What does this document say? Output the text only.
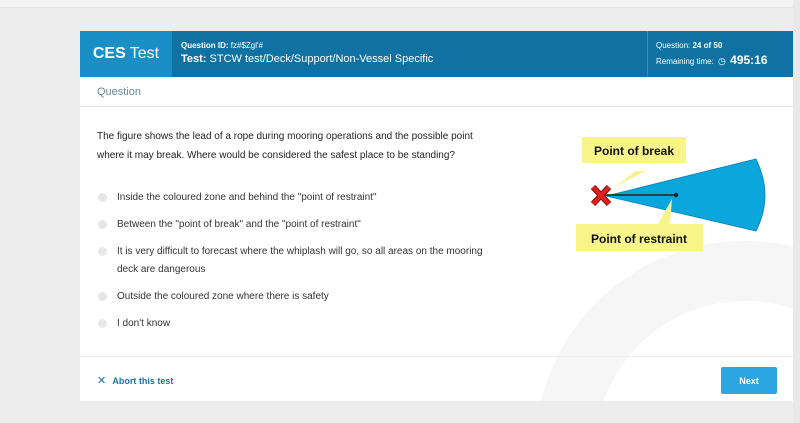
CES Test	Question ID: fz#$Zgl'#
Test: STCW test/Deck/Support/Non-Vessel Specific
Question: 24 of 50
Remaining time: ◷ 495:16
Question
The figure shows the lead of a rope during mooring operations and the possible point where it may break. Where would be considered the safest place to be standing?
Inside the coloured zone and behind the "point of restraint"
Between the "point of break" and the "point of restraint"
It is very difficult to forecast where the whiplash will go, so all areas on the mooring deck are dangerous
Outside the coloured zone where there is safety
I don't know
Point of break
Point of restraint
✕ Abort this test	Next
